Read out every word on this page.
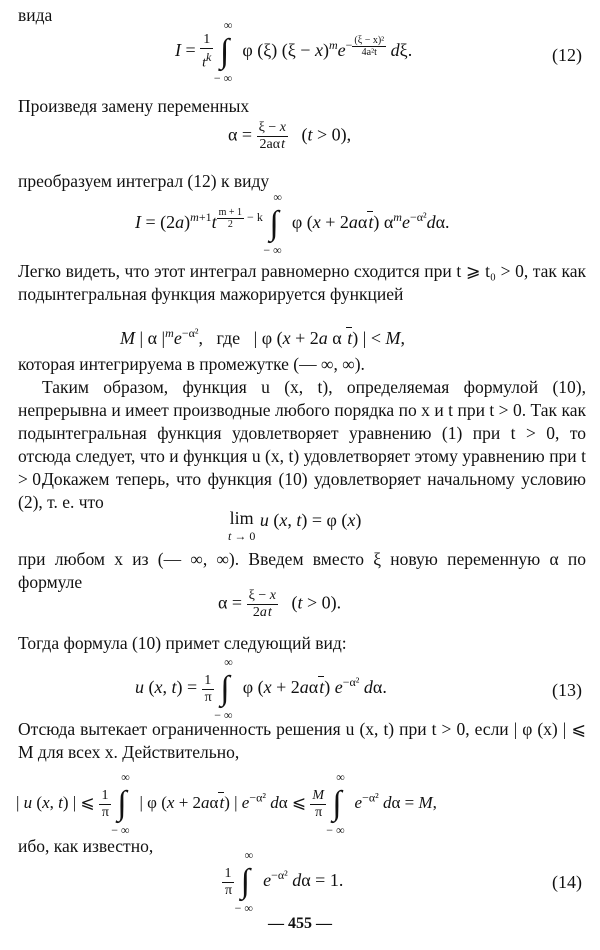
вида
$I = \frac{1}{t^k}$

∞
∫
− ∞
φ (ξ) $(\xi - x)^me^{- \frac{\text{(ξ − x)²}}{\text{4a²t}}}$ dξ.	(12)
Произведя замену переменных
$\alpha = \frac{\xi - x}{\text{2aαt}} (t > 0)$,
преобразуем интеграл (12) к виду
$I = (2a)^{m+1}t$ $^{\frac{m + 1}{2} - k}$
∞
∫
− ∞
φ (x + 2aαt) $\alpha^me^{-\alpha^2}d\alpha$.
Легко видеть, что этот интеграл равномерно сходится при t ⩾ t₀ > 0, так как подынтегральная функция мажорируется функцией
M | α $|^me^{-\alpha^2}$,   где   | φ (x + 2a α t) | < M,
которая интегрируема в промежутке (— ∞, ∞).
Таким образом, функция u (x, t), определяемая формулой (10), непрерывна и имеет производные любого порядка по x и t при t > 0. Так как подынтегральная функция удовлетворяет уравнению (1) при t > 0, то отсюда следует, что и функция u (x, t) удовлетворяет этому уравнению при t > 0.
Докажем теперь, что функция (10) удовлетворяет начальному условию (2), т. е. что
lim
t → 0 u (x, t) = φ (x)
при любом x из (— ∞, ∞). Введем вместо ξ новую переменную α по формуле
$\alpha = \frac{\xi - x}{2at} (t > 0)$.
Тогда формула (10) примет следующий вид:
u (x, $t) = \frac{1}{\pi}$

∞
∫
− ∞
φ (x + 2aαt) $e^{-\alpha^2}$ dα.	(13)
Отсюда вытекает ограниченность решения u (x, t) при t > 0, если | φ (x) | ⩽ M для всех x. Действительно,
| u (x, t) | ⩽ $\frac{1}{\pi}$

∞
∫
− ∞
| φ (x + 2aαt) | $e^{-\alpha^2}$ dα ⩽ $\frac{M}{\pi}$

∞
∫
− ∞
$e^{-\alpha^2}$ dα = M,
ибо, как известно,
$\frac{1}{\pi}$

∞
∫
− ∞
$e^{-\alpha^2}$ dα = 1.	(14)
— 455 —
